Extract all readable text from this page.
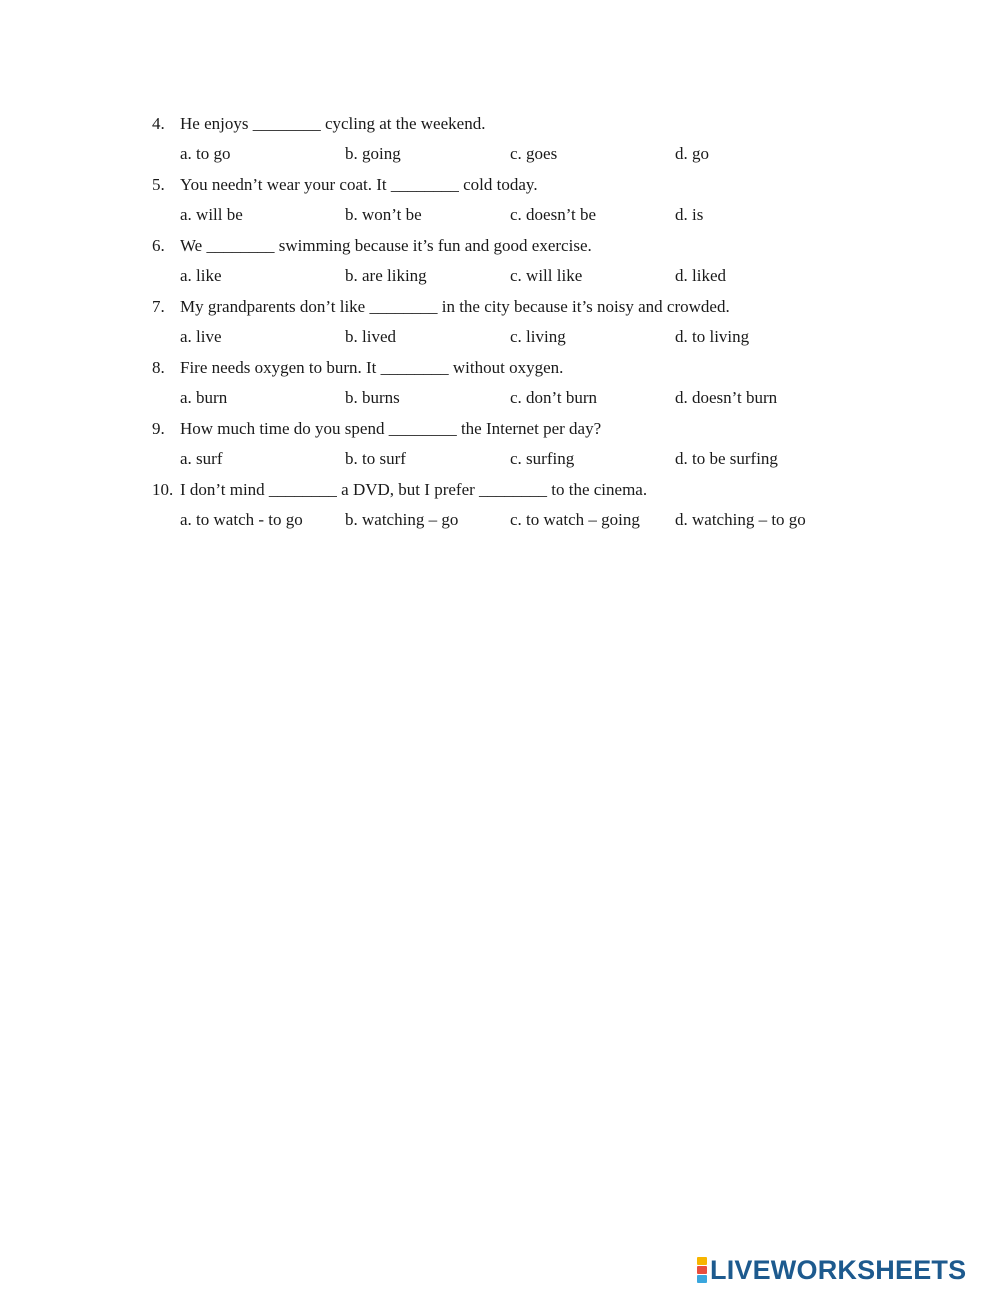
4. He enjoys ________ cycling at the weekend.
a. to go	b. going	c. goes	d. go
5. You needn’t wear your coat. It ________ cold today.
a. will be	b. won’t be	c. doesn’t be	d. is
6. We ________ swimming because it’s fun and good exercise.
a. like	b. are liking	c. will like	d. liked
7. My grandparents don’t like ________ in the city because it’s noisy and crowded.
a. live	b. lived	c. living	d. to living
8. Fire needs oxygen to burn. It ________ without oxygen.
a. burn	b. burns	c. don’t burn	d. doesn’t burn
9. How much time do you spend ________ the Internet per day?
a. surf	b. to surf	c. surfing	d. to be surfing
10. I don’t mind ________ a DVD, but I prefer ________ to the cinema.
a. to watch - to go	b. watching – go	c. to watch – going	d. watching – to go
LIVEWORKSHEETS
